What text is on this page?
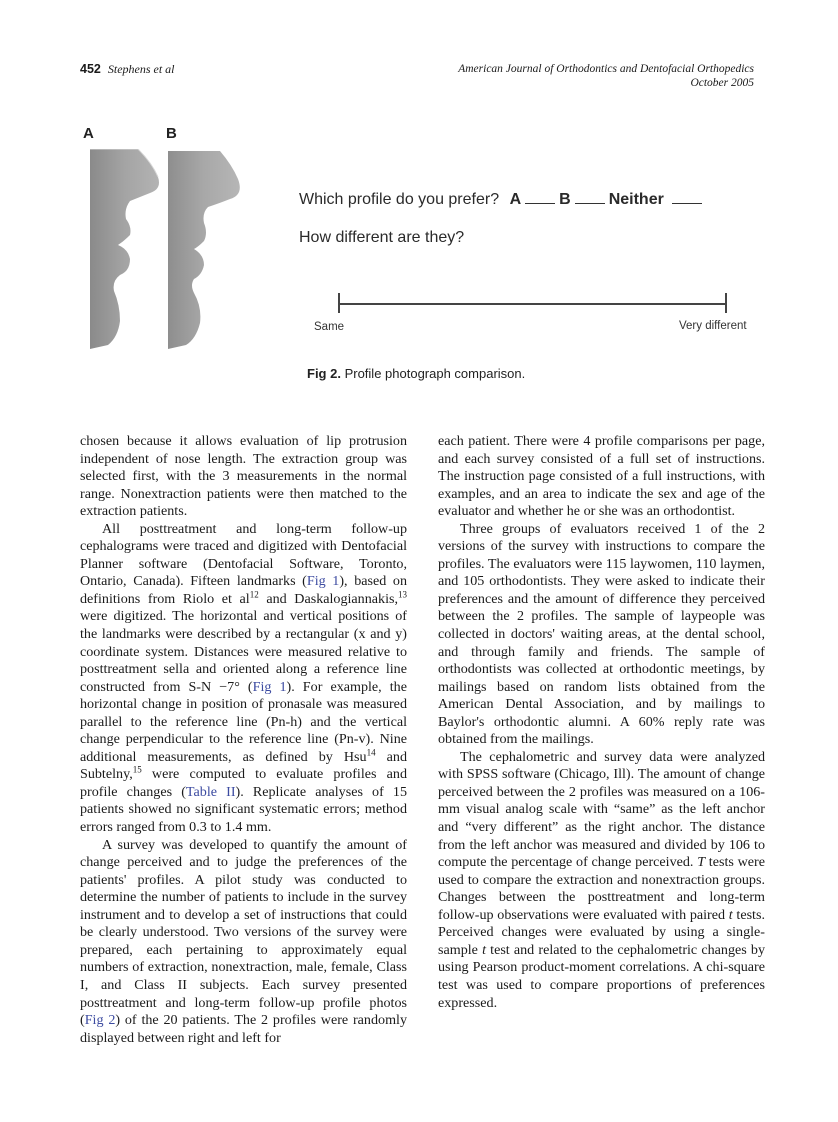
452 Stephens et al	American Journal of Orthodontics and Dentofacial Orthopedics
October 2005
A	B
Which profile do you prefer? A B Neither
How different are they?
Same	Very different
Fig 2. Profile photograph comparison.

chosen because it allows evaluation of lip protrusion independent of nose length. The extraction group was selected first, with the 3 measurements in the normal range. Nonextraction patients were then matched to the extraction patients.

All posttreatment and long-term follow-up cephalograms were traced and digitized with Dentofacial Planner software (Dentofacial Software, Toronto, Ontario, Canada). Fifteen landmarks (Fig 1), based on definitions from Riolo et $al^{12}$ and Daskalogiannakis,$^{13}$ were digitized. The horizontal and vertical positions of the landmarks were described by a rectangular (x and y) coordinate system. Distances were measured relative to posttreatment sella and oriented along a reference line constructed from S-N −7° (Fig 1). For example, the horizontal change in position of pronasale was measured parallel to the reference line (Pn-h) and the vertical change perpendicular to the reference line (Pn-v). Nine additional measurements, as defined by Hsu$^{14}$ and Subtelny,$^{15}$ were computed to evaluate profiles and profile changes (Table II). Replicate analyses of 15 patients showed no significant systematic errors; method errors ranged from 0.3 to 1.4 mm.

A survey was developed to quantify the amount of change perceived and to judge the preferences of the patients' profiles. A pilot study was conducted to determine the number of patients to include in the survey instrument and to develop a set of instructions that could be clearly understood. Two versions of the survey were prepared, each pertaining to approximately equal numbers of extraction, nonextraction, male, female, Class I, and Class II subjects. Each survey presented posttreatment and long-term follow-up profile photos (Fig 2) of the 20 patients. The 2 profiles were randomly displayed between right and left for

each patient. There were 4 profile comparisons per page, and each survey consisted of a full set of instructions. The instruction page consisted of a full instructions, with examples, and an area to indicate the sex and age of the evaluator and whether he or she was an orthodontist.

Three groups of evaluators received 1 of the 2 versions of the survey with instructions to compare the profiles. The evaluators were 115 laywomen, 110 laymen, and 105 orthodontists. They were asked to indicate their preferences and the amount of difference they perceived between the 2 profiles. The sample of laypeople was collected in doctors' waiting areas, at the dental school, and through family and friends. The sample of orthodontists was collected at orthodontic meetings, by mailings based on random lists obtained from the American Dental Association, and by mailings to Baylor's orthodontic alumni. A 60% reply rate was obtained from the mailings.

The cephalometric and survey data were analyzed with SPSS software (Chicago, Ill). The amount of change perceived between the 2 profiles was measured on a 106-mm visual analog scale with “same” as the left anchor and “very different” as the right anchor. The distance from the left anchor was measured and divided by 106 to compute the percentage of change perceived. T tests were used to compare the extraction and nonextraction groups. Changes between the posttreatment and long-term follow-up observations were evaluated with paired t tests. Perceived changes were evaluated by using a single-sample t test and related to the cephalometric changes by using Pearson product-moment correlations. A chi-square test was used to compare proportions of preferences expressed.
